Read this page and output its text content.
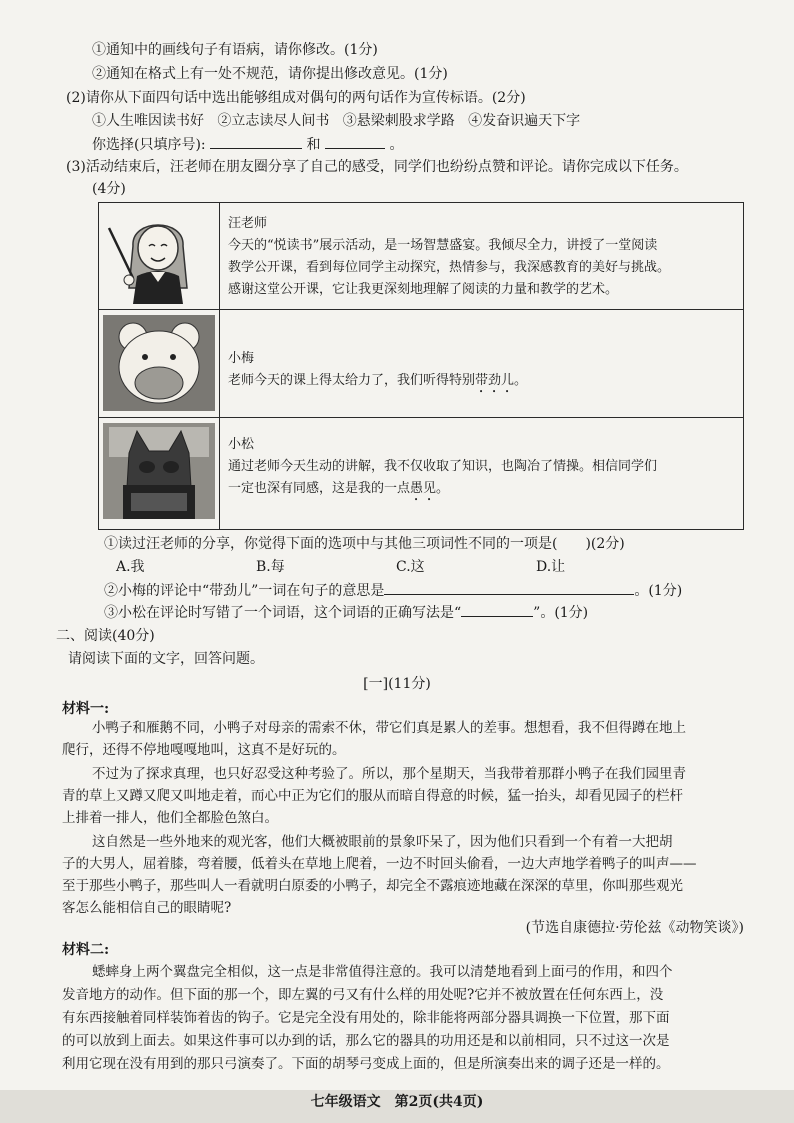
①通知中的画线句子有语病，请你修改。(1分)
②通知在格式上有一处不规范，请你提出修改意见。(1分)
(2)请你从下面四句话中选出能够组成对偶句的两句话作为宣传标语。(2分)
①人生唯因读书好 ②立志读尽人间书 ③悬梁刺股求学路 ④发奋识遍天下字
你选择(只填序号):	和	。
(3)活动结束后，汪老师在朋友圈分享了自己的感受，同学们也纷纷点赞和评论。请你完成以下任务。
(4分)

汪老师
今天的“悦读书”展示活动，是一场智慧盛宴。我倾尽全力，讲授了一堂阅读
教学公开课，看到每位同学主动探究，热情参与，我深感教育的美好与挑战。
感谢这堂公开课，它让我更深刻地理解了阅读的力量和教学的艺术。

小梅
老师今天的课上得太给力了，我们听得特别带劲儿。

小松
通过老师今天生动的讲解，我不仅收取了知识，也陶冶了情操。相信同学们
一定也深有同感，这是我的一点愚见。
①读过汪老师的分享，你觉得下面的选项中与其他三项词性不同的一项是(　　)(2分)
A.我	B.每	C.这	D.让
②小梅的评论中“带劲儿”一词在句子的意思是	。(1分)
③小松在评论时写错了一个词语，这个词语的正确写法是“	”。(1分)
二、阅读(40分)
请阅读下面的文字，回答问题。
[一](11分)
材料一:
小鸭子和雁鹅不同，小鸭子对母亲的需索不休，带它们真是累人的差事。想想看，我不但得蹲在地上
爬行，还得不停地嘎嘎地叫，这真不是好玩的。
不过为了探求真理，也只好忍受这种考验了。所以，那个星期天，当我带着那群小鸭子在我们园里青
青的草上又蹲又爬又叫地走着，而心中正为它们的服从而暗自得意的时候，猛一抬头，却看见园子的栏杆
上排着一排人，他们全都脸色煞白。
这自然是一些外地来的观光客，他们大概被眼前的景象吓呆了，因为他们只看到一个有着一大把胡
子的大男人，屈着膝，弯着腰，低着头在草地上爬着，一边不时回头偷看，一边大声地学着鸭子的叫声——
至于那些小鸭子，那些叫人一看就明白原委的小鸭子，却完全不露痕迹地藏在深深的草里，你叫那些观光
客怎么能相信自己的眼睛呢?
(节选自康德拉·劳伦兹《动物笑谈》)
材料二:
蟋蟀身上两个翼盘完全相似，这一点是非常值得注意的。我可以清楚地看到上面弓的作用，和四个
发音地方的动作。但下面的那一个，即左翼的弓又有什么样的用处呢?它并不被放置在任何东西上，没
有东西接触着同样装饰着齿的钩子。它是完全没有用处的，除非能将两部分器具调换一下位置，那下面
的可以放到上面去。如果这件事可以办到的话，那么它的器具的功用还是和以前相同，只不过这一次是
利用它现在没有用到的那只弓演奏了。下面的胡琴弓变成上面的，但是所演奏出来的调子还是一样的。
七年级语文　第2页(共4页)
